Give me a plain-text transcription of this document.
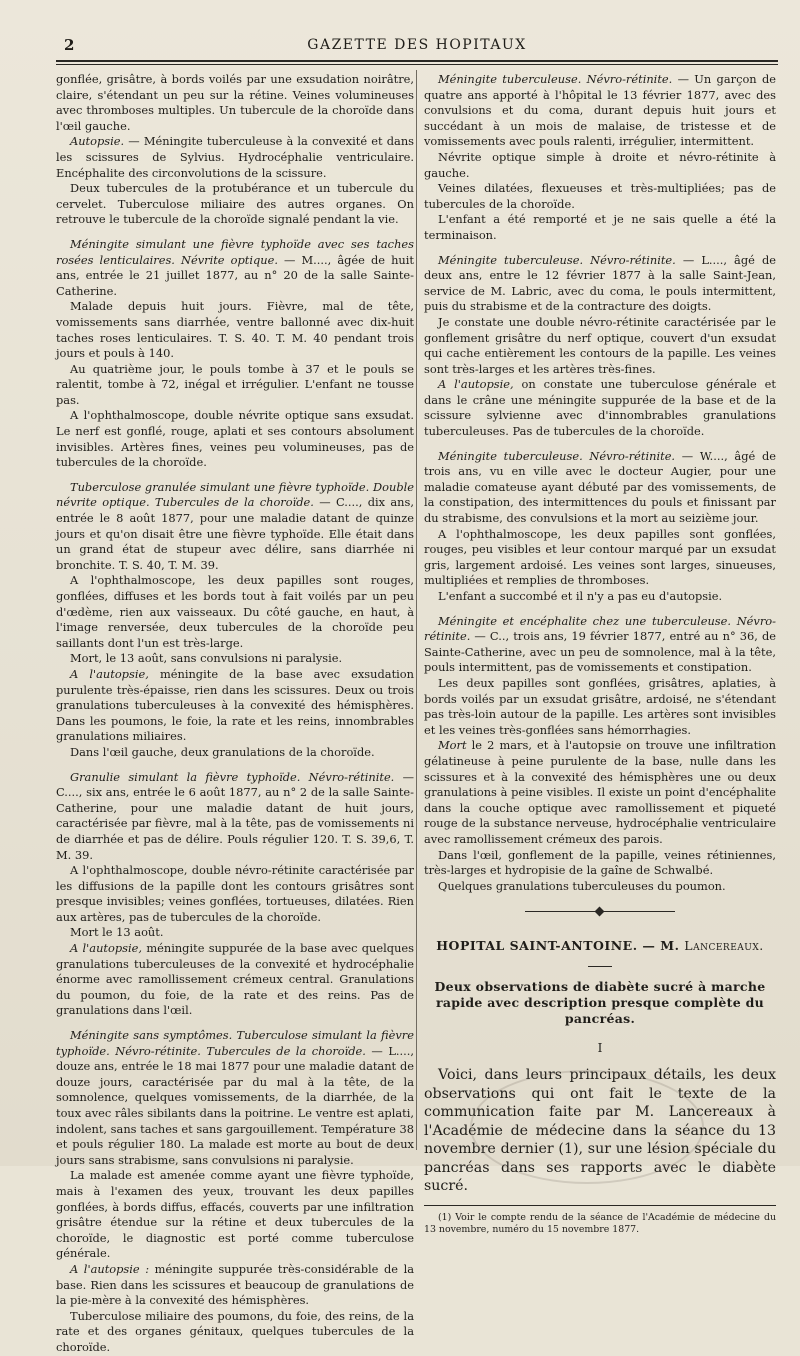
2	GAZETTE DES HOPITAUX

gonflée, grisâtre, à bords voilés par une exsudation noirâtre, claire, s'étendant un peu sur la rétine. Veines volumineuses avec thromboses multiples. Un tubercule de la choroïde dans l'œil gauche.

Autopsie. — Méningite tuberculeuse à la convexité et dans les scissures de Sylvius. Hydrocéphalie ventriculaire. Encéphalite des circonvolutions de la scissure.

Deux tubercules de la protubérance et un tubercule du cervelet. Tuberculose miliaire des autres organes. On retrouve le tubercule de la choroïde signalé pendant la vie.

Méningite simulant une fièvre typhoïde avec ses taches rosées lenticulaires. Névrite optique. — M...., âgée de huit ans, entrée le 21 juillet 1877, au n° 20 de la salle Sainte-Catherine.

Malade depuis huit jours. Fièvre, mal de tête, vomissements sans diarrhée, ventre ballonné avec dix-huit taches roses lenticulaires. T. S. 40. T. M. 40 pendant trois jours et pouls à 140.

Au quatrième jour, le pouls tombe à 37 et le pouls se ralentit, tombe à 72, inégal et irrégulier. L'enfant ne tousse pas.

A l'ophthalmoscope, double névrite optique sans exsudat. Le nerf est gonflé, rouge, aplati et ses contours absolument invisibles. Artères fines, veines peu volumineuses, pas de tubercules de la choroïde.

Tuberculose granulée simulant une fièvre typhoïde. Double névrite optique. Tubercules de la choroïde. — C...., dix ans, entrée le 8 août 1877, pour une maladie datant de quinze jours et qu'on disait être une fièvre typhoïde. Elle était dans un grand état de stupeur avec délire, sans diarrhée ni bronchite. T. S. 40, T. M. 39.

A l'ophthalmoscope, les deux papilles sont rouges, gonflées, diffuses et les bords tout à fait voilés par un peu d'œdème, rien aux vaisseaux. Du côté gauche, en haut, à l'image renversée, deux tubercules de la choroïde peu saillants dont l'un est très-large.

Mort, le 13 août, sans convulsions ni paralysie.

A l'autopsie, méningite de la base avec exsudation purulente très-épaisse, rien dans les scissures. Deux ou trois granulations tuberculeuses à la convexité des hémisphères. Dans les poumons, le foie, la rate et les reins, innombrables granulations miliaires.

Dans l'œil gauche, deux granulations de la choroïde.

Granulie simulant la fièvre typhoïde. Névro-rétinite. — C...., six ans, entrée le 6 août 1877, au n° 2 de la salle Sainte-Catherine, pour une maladie datant de huit jours, caractérisée par fièvre, mal à la tête, pas de vomissements ni de diarrhée et pas de délire. Pouls régulier 120. T. S. 39,6, T. M. 39.

A l'ophthalmoscope, double névro-rétinite caractérisée par les diffusions de la papille dont les contours grisâtres sont presque invisibles; veines gonflées, tortueuses, dilatées. Rien aux artères, pas de tubercules de la choroïde.

Mort le 13 août.

A l'autopsie, méningite suppurée de la base avec quelques granulations tuberculeuses de la convexité et hydrocéphalie énorme avec ramollissement crémeux central. Granulations du poumon, du foie, de la rate et des reins. Pas de granulations dans l'œil.

Méningite sans symptômes. Tuberculose simulant la fièvre typhoïde. Névro-rétinite. Tubercules de la choroïde. — L...., douze ans, entrée le 18 mai 1877 pour une maladie datant de douze jours, caractérisée par du mal à la tête, de la somnolence, quelques vomissements, de la diarrhée, de la toux avec râles sibilants dans la poitrine. Le ventre est aplati, indolent, sans taches et sans gargouillement. Température 38 et pouls régulier 180. La malade est morte au bout de deux jours sans strabisme, sans convulsions ni paralysie.

La malade est amenée comme ayant une fièvre typhoïde, mais à l'examen des yeux, trouvant les deux papilles gonflées, à bords diffus, effacés, couverts par une infiltration grisâtre étendue sur la rétine et deux tubercules de la choroïde, le diagnostic est porté comme tuberculose générale.

A l'autopsie : méningite suppurée très-considérable de la base. Rien dans les scissures et beaucoup de granulations de la pie-mère à la convexité des hémisphères.

Tuberculose miliaire des poumons, du foie, des reins, de la rate et des organes génitaux, quelques tubercules de la choroïde.

Méningite tuberculeuse. Névro-rétinite. — Un garçon de quatre ans apporté à l'hôpital le 13 février 1877, avec des convulsions et du coma, durant depuis huit jours et succédant à un mois de malaise, de tristesse et de vomissements avec pouls ralenti, irrégulier, intermittent.

Névrite optique simple à droite et névro-rétinite à gauche.

Veines dilatées, flexueuses et très-multipliées; pas de tubercules de la choroïde.

L'enfant a été remporté et je ne sais quelle a été la terminaison.

Méningite tuberculeuse. Névro-rétinite. — L...., âgé de deux ans, entre le 12 février 1877 à la salle Saint-Jean, service de M. Labric, avec du coma, le pouls intermittent, puis du strabisme et de la contracture des doigts.

Je constate une double névro-rétinite caractérisée par le gonflement grisâtre du nerf optique, couvert d'un exsudat qui cache entièrement les contours de la papille. Les veines sont très-larges et les artères très-fines.

A l'autopsie, on constate une tuberculose générale et dans le crâne une méningite suppurée de la base et de la scissure sylvienne avec d'innombrables granulations tuberculeuses. Pas de tubercules de la choroïde.

Méningite tuberculeuse. Névro-rétinite. — W...., âgé de trois ans, vu en ville avec le docteur Augier, pour une maladie comateuse ayant débuté par des vomissements, de la constipation, des intermittences du pouls et finissant par du strabisme, des convulsions et la mort au seizième jour.

A l'ophthalmoscope, les deux papilles sont gonflées, rouges, peu visibles et leur contour marqué par un exsudat gris, largement ardoisé. Les veines sont larges, sinueuses, multipliées et remplies de thromboses.

L'enfant a succombé et il n'y a pas eu d'autopsie.

Méningite et encéphalite chez une tuberculeuse. Névro-rétinite. — C.., trois ans, 19 février 1877, entré au n° 36, de Sainte-Catherine, avec un peu de somnolence, mal à la tête, pouls intermittent, pas de vomissements et constipation.

Les deux papilles sont gonflées, grisâtres, aplaties, à bords voilés par un exsudat grisâtre, ardoisé, ne s'étendant pas très-loin autour de la papille. Les artères sont invisibles et les veines très-gonflées sans hémorrhagies.

Mort le 2 mars, et à l'autopsie on trouve une infiltration gélatineuse à peine purulente de la base, nulle dans les scissures et à la convexité des hémisphères une ou deux granulations à peine visibles. Il existe un point d'encéphalite dans la couche optique avec ramollissement et piqueté rouge de la substance nerveuse, hydrocéphalie ventriculaire avec ramollissement crémeux des parois.

Dans l'œil, gonflement de la papille, veines rétiniennes, très-larges et hydropisie de la gaîne de Schwalbé.

Quelques granulations tuberculeuses du poumon.

HOPITAL SAINT-ANTOINE. — M. Lancereaux.
Deux observations de diabète sucré à marche rapide avec description presque complète du pancréas.
I

Voici, dans leurs principaux détails, les deux observations qui ont fait le texte de la communication faite par M. Lancereaux à l'Académie de médecine dans la séance du 13 novembre dernier (1), sur une lésion spéciale du pancréas dans ses rapports avec le diabète sucré.

(1) Voir le compte rendu de la séance de l'Académie de médecine du 13 novembre, numéro du 15 novembre 1877.
